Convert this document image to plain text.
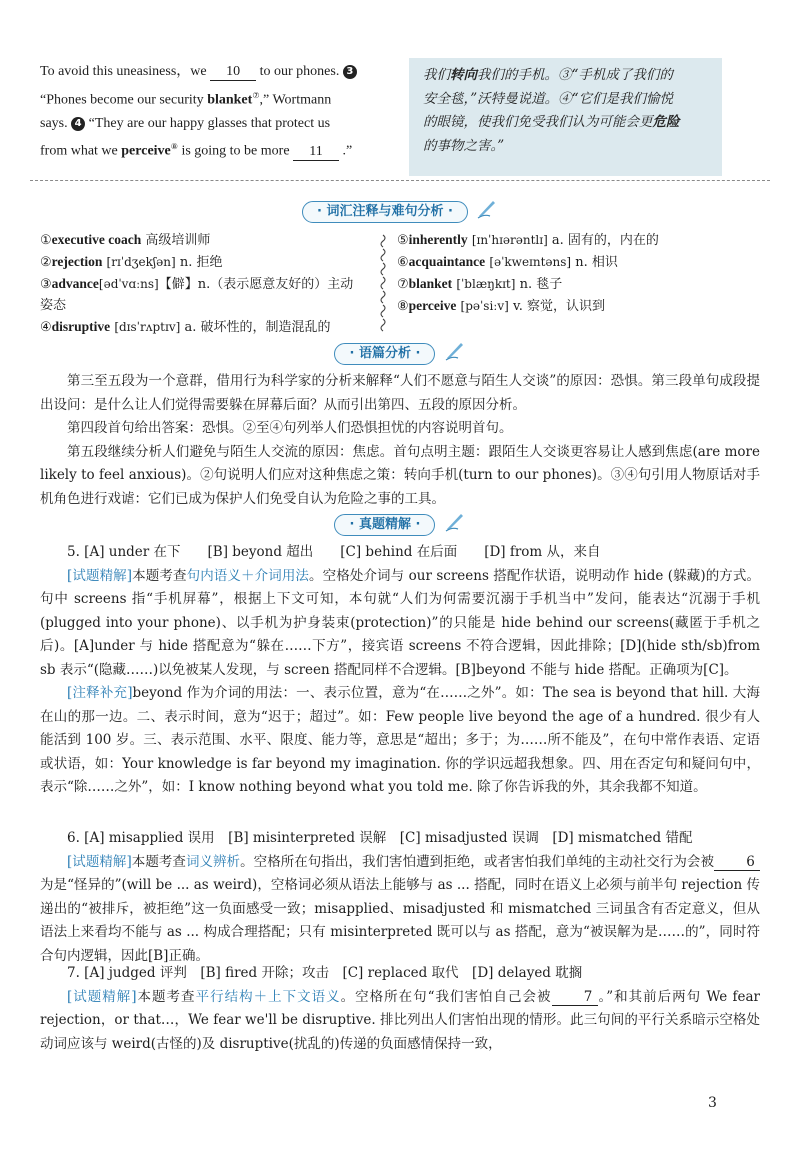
To avoid this uneasiness，we 10 to our phones. 3
“Phones become our security blanket⑦,” Wortmann
says. 4 “They are our happy glasses that protect us
from what we perceive⑧ is going to be more 11 .”
我们转向我们的手机。③“手机成了我们的
安全毯，”沃特曼说道。④“它们是我们愉悦
的眼镜，使我们免受我们认为可能会更危险
的事物之害。”
· 词汇注释与难句分析 ·
①executive coach 高级培训师
②rejection [rɪˈdʒekʃən] n. 拒绝
③advance[ədˈvɑːns]【僻】n.（表示愿意友好的）主动
姿态
④disruptive [dɪsˈrʌptɪv] a. 破坏性的，制造混乱的
⑤inherently [ɪnˈhɪərəntlɪ] a. 固有的，内在的
⑥acquaintance [əˈkweɪntəns] n. 相识
⑦blanket [ˈblæŋkɪt] n. 毯子
⑧perceive [pəˈsiːv] v. 察觉，认识到
· 语篇分析 ·
第三至五段为一个意群，借用行为科学家的分析来解释“人们不愿意与陌生人交谈”的原因：恐惧。第三段单句成段提出设问：是什么让人们觉得需要躲在屏幕后面？从而引出第四、五段的原因分析。
第四段首句给出答案：恐惧。②至④句列举人们恐惧担忧的内容说明首句。
第五段继续分析人们避免与陌生人交流的原因：焦虑。首句点明主题：跟陌生人交谈更容易让人感到焦虑(are more likely to feel anxious)。②句说明人们应对这种焦虑之策：转向手机(turn to our phones)。③④句引用人物原话对手机角色进行戏谑：它们已成为保护人们免受自认为危险之事的工具。
· 真题精解 ·
5. [A] under 在下　　[B] beyond 超出　　[C] behind 在后面　　[D] from 从，来自
[试题精解]本题考查句内语义＋介词用法。空格处介词与 our screens 搭配作状语，说明动作 hide (躲藏)的方式。句中 screens 指“手机屏幕”，根据上下文可知，本句就“人们为何需要沉溺于手机当中”发问，能表达“沉溺于手机(plugged into your phone)、以手机为护身装束(protection)”的只能是 hide behind our screens(藏匿于手机之后)。[A]under 与 hide 搭配意为“躲在……下方”，接宾语 screens 不符合逻辑，因此排除；[D](hide sth/sb)from sb 表示“(隐藏……)以免被某人发现，与 screen 搭配同样不合逻辑。[B]beyond 不能与 hide 搭配。正确项为[C]。
[注释补充]beyond 作为介词的用法：一、表示位置，意为“在……之外”。如：The sea is beyond that hill. 大海在山的那一边。二、表示时间，意为“迟于；超过”。如：Few people live beyond the age of a hundred. 很少有人能活到 100 岁。三、表示范围、水平、限度、能力等，意思是“超出；多于；为……所不能及”，在句中常作表语、定语或状语，如：Your knowledge is far beyond my imagination. 你的学识远超我想象。四、用在否定句和疑问句中，表示“除……之外”，如：I know nothing beyond what you told me. 除了你告诉我的外，其余我都不知道。
6. [A] misapplied 误用　[B] misinterpreted 误解　[C] misadjusted 误调　[D] mismatched 错配
[试题精解]本题考查词义辨析。空格所在句指出，我们害怕遭到拒绝，或者害怕我们单纯的主动社交行为会被 6为是“怪异的”(will be ... as weird)，空格词必须从语法上能够与 as ... 搭配，同时在语义上必须与前半句 rejection 传递出的“被排斥，被拒绝”这一负面感受一致；misapplied、misadjusted 和 mismatched 三词虽含有否定意义，但从语法上来看均不能与 as ... 构成合理搭配；只有 misinterpreted 既可以与 as 搭配，意为“被误解为是……的”，同时符合句内逻辑，因此[B]正确。
7. [A] judged 评判　[B] fired 开除；攻击　[C] replaced 取代　[D] delayed 耽搁
[试题精解]本题考查平行结构＋上下文语义。空格所在句“我们害怕自己会被 7 。”和其前后两句 We fear rejection，or that…，We fear we'll be disruptive. 排比列出人们害怕出现的情形。此三句间的平行关系暗示空格处动词应该与 weird(古怪的)及 disruptive(扰乱的)传递的负面感情保持一致，
3
